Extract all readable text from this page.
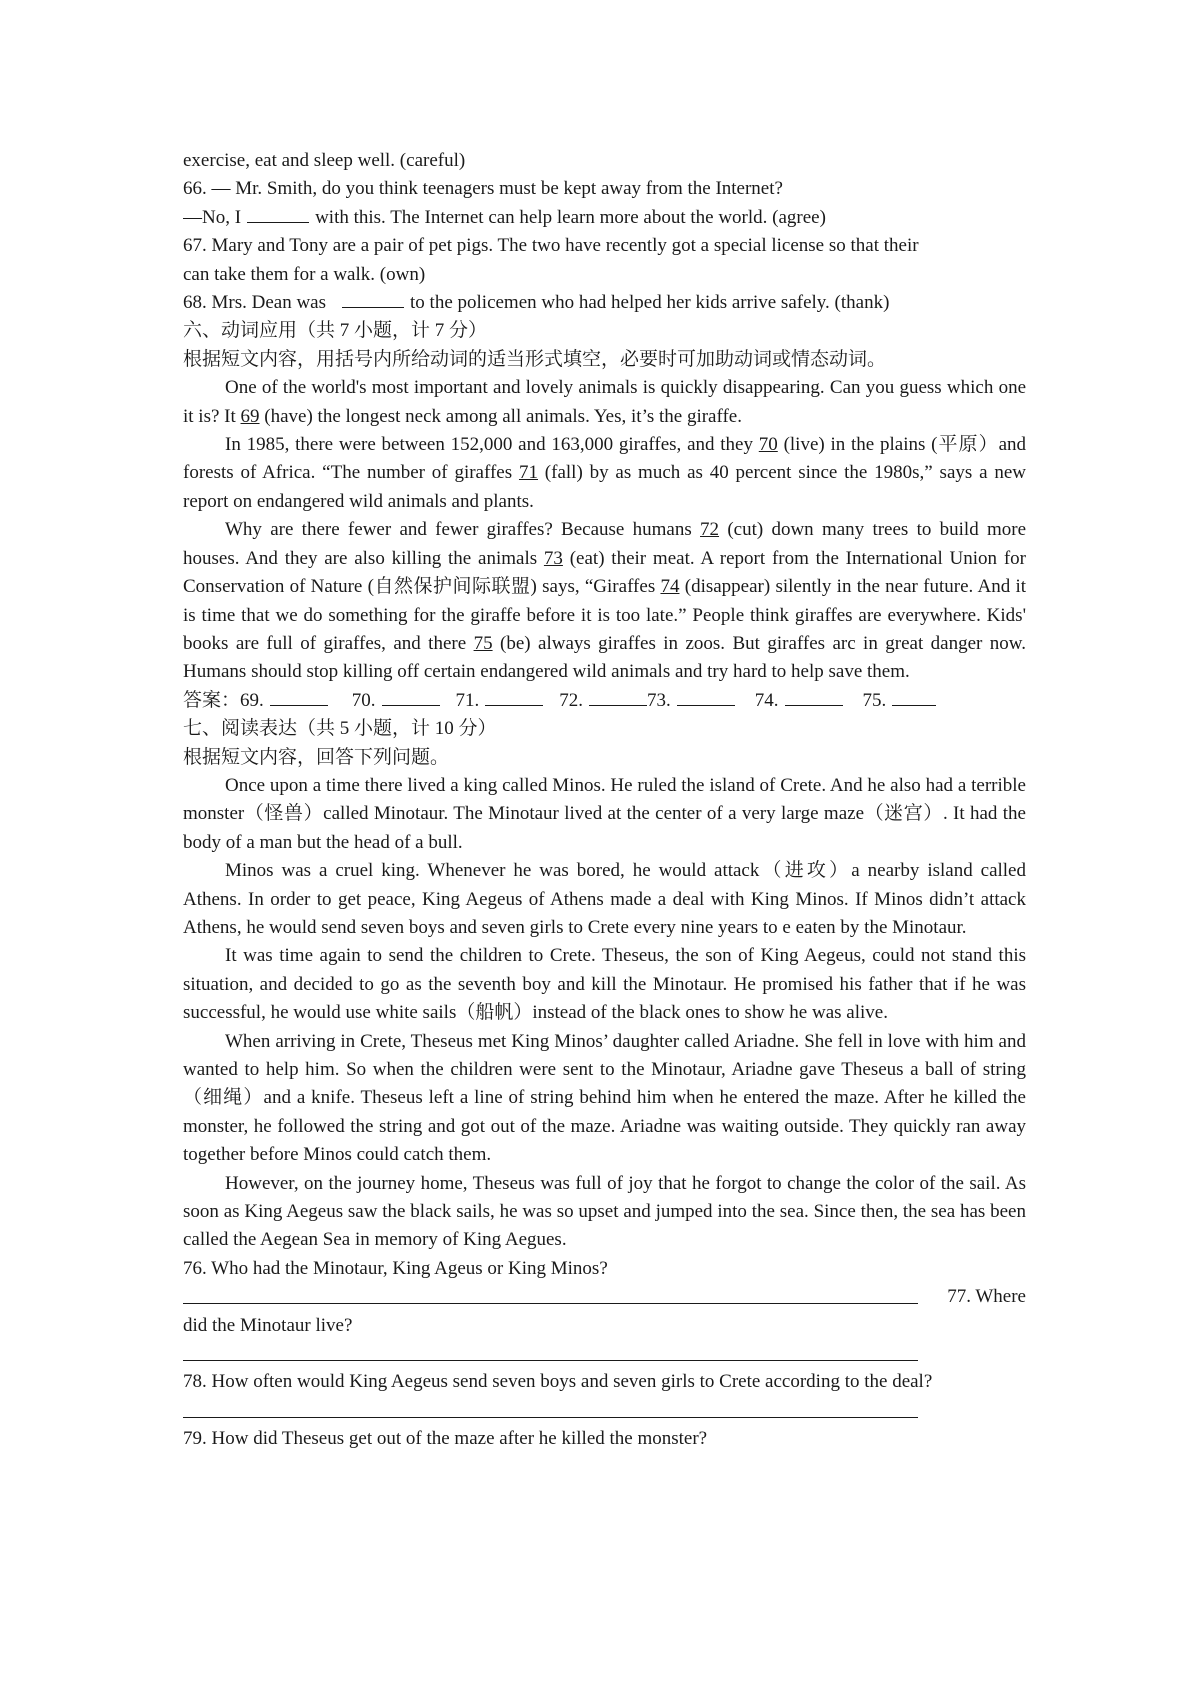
exercise, eat and sleep well. (careful)

66. — Mr. Smith, do you think teenagers must be kept away from the Internet?

—No, I	with this. The Internet can help learn more about the world. (agree)

67. Mary and Tony are a pair of pet pigs. The two have recently got a special license so that their

can take them for a walk. (own)

68. Mrs. Dean was	to the policemen who had helped her kids arrive safely. (thank)

六、动词应用（共 7 小题，计 7 分）

根据短文内容，用括号内所给动词的适当形式填空，必要时可加助动词或情态动词。

One of the world's most important and lovely animals is quickly disappearing. Can you guess which one it is? It 69 (have) the longest neck among all animals. Yes, it’s the giraffe.

In 1985, there were between 152,000 and 163,000 giraffes, and they 70 (live) in the plains (平原）and forests of Africa. “The number of giraffes 71 (fall) by as much as 40 percent since the 1980s,” says a new report on endangered wild animals and plants.

Why are there fewer and fewer giraffes? Because humans 72 (cut) down many trees to build more houses. And they are also killing the animals 73 (eat) their meat. A report from the International Union for Conservation of Nature (自然保护间际联盟) says, “Giraffes 74 (disappear) silently in the near future. And it is time that we do something for the giraffe before it is too late.” People think giraffes are everywhere. Kids' books are full of giraffes, and there 75 (be) always giraffes in zoos. But giraffes arc in great danger now. Humans should stop killing off certain endangered wild animals and try hard to help save them.

答案：69.	70.	71.	72.	73.	74.	75.

七、阅读表达（共 5 小题，计 10 分）

根据短文内容，回答下列问题。

Once upon a time there lived a king called Minos. He ruled the island of Crete. And he also had a terrible monster（怪兽）called Minotaur. The Minotaur lived at the center of a very large maze（迷宫）. It had the body of a man but the head of a bull.

Minos was a cruel king. Whenever he was bored, he would attack（进攻）a nearby island called Athens. In order to get peace, King Aegeus of Athens made a deal with King Minos. If Minos didn’t attack Athens, he would send seven boys and seven girls to Crete every nine years to e eaten by the Minotaur.

It was time again to send the children to Crete. Theseus, the son of King Aegeus, could not stand this situation, and decided to go as the seventh boy and kill the Minotaur. He promised his father that if he was successful, he would use white sails（船帆）instead of the black ones to show he was alive.

When arriving in Crete, Theseus met King Minos’ daughter called Ariadne. She fell in love with him and wanted to help him. So when the children were sent to the Minotaur, Ariadne gave Theseus a ball of string（细绳）and a knife. Theseus left a line of string behind him when he entered the maze. After he killed the monster, he followed the string and got out of the maze. Ariadne was waiting outside. They quickly ran away together before Minos could catch them.

However, on the journey home, Theseus was full of joy that he forgot to change the color of the sail. As soon as King Aegeus saw the black sails, he was so upset and jumped into the sea. Since then, the sea has been called the Aegean Sea in memory of King Aegues.

76. Who had the Minotaur, King Ageus or King Minos?

77. Where

did the Minotaur live?

78. How often would King Aegeus send seven boys and seven girls to Crete according to the deal?

79. How did Theseus get out of the maze after he killed the monster?
